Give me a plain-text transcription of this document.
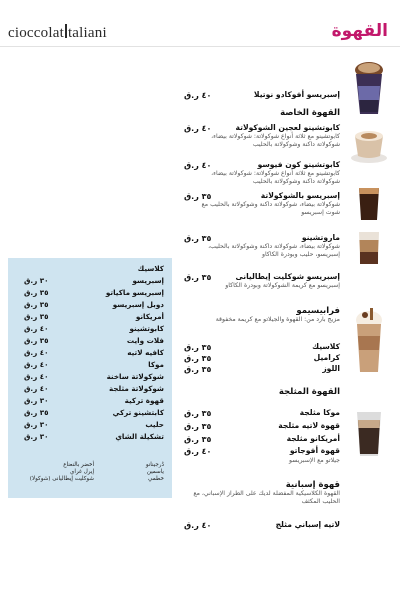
cioccolat taliani	القهوة
إسبريسو أفوكادو نوتيلا
٤٠ ر.ق
القهوة الخاصة
كابوتشينو لعجين الشوكولاتة
كابوتشينو مع ثلاثة أنواع شوكولاتة: شوكولاتة بيضاء، شوكولاتة داكنة وشوكولاتة بالحليب
٤٠ ر.ق
كابوتشينو كون فيوسو
كابوتشينو مع ثلاثة أنواع شوكولاتة: شوكولاتة بيضاء، شوكولاتة داكنة وشوكولاتة بالحليب
٤٠ ر.ق
إسبريسو بالشوكولاتة
شوكولاتة بيضاء، شوكولاتة داكنة وشوكولاتة بالحليب مع شوت إسبريسو
٣٥ ر.ق
ماروتشينو
شوكولاتة بيضاء، شوكولاتة داكنة وشوكولاتة بالحليب، إسبريسو، حليب وبودرة الكاكاو
٣٥ ر.ق
إسبريسو شوكليت إيطاليانى
إسبريسو مع كريمة الشوكولاتة وبودرة الكاكاو
٣٥ ر.ق
فرابيسيمو
مزيج بارد من: القهوة والجيلاتو مع كريمة مخفوقة
كلاسيك
٣٥ ر.ق
كراميل
٣٥ ر.ق
اللوز
٣٥ ر.ق
القهوة المثلجة
موكا مثلجة
٣٥ ر.ق
قهوة لاتيه مثلجة
٣٥ ر.ق
أمريكانو مثلجة
٣٥ ر.ق
قهوة أفوجاتو
٤٠ ر.ق
جيلاتو مع الإسبريسو
قهوة إسبانية
القهوة الكلاسيكية المفضلة لديك على الطراز الإسباني، مع الحليب المكثف
لاتيه إسباني مثلج
٤٠ ر.ق
كلاسيك
إسبريسو
٣٠ ر.ق
إسبريسو ماكياتو
٣٥ ر.ق
دوبل إسبريسو
٣٥ ر.ق
أمريكانو
٣٥ ر.ق
كابوتشينو
٤٠ ر.ق
فلات وايت
٣٥ ر.ق
كافيه لاتيه
٤٠ ر.ق
موكا
٤٠ ر.ق
شوكولاتة ساخنة
٤٠ ر.ق
شوكولاتة مثلجة
٤٠ ر.ق
قهوة تركية
٣٠ ر.ق
كابتشينو تركي
٣٥ ر.ق
حليب
٣٠ ر.ق
تشكيلة الشاي
٣٠ ر.ق
دُرجينانو
ياسمين
خطمي
أخضر بالنعناع
إيرل غراي
شوكليت إيطاليانى (شوكولا)
